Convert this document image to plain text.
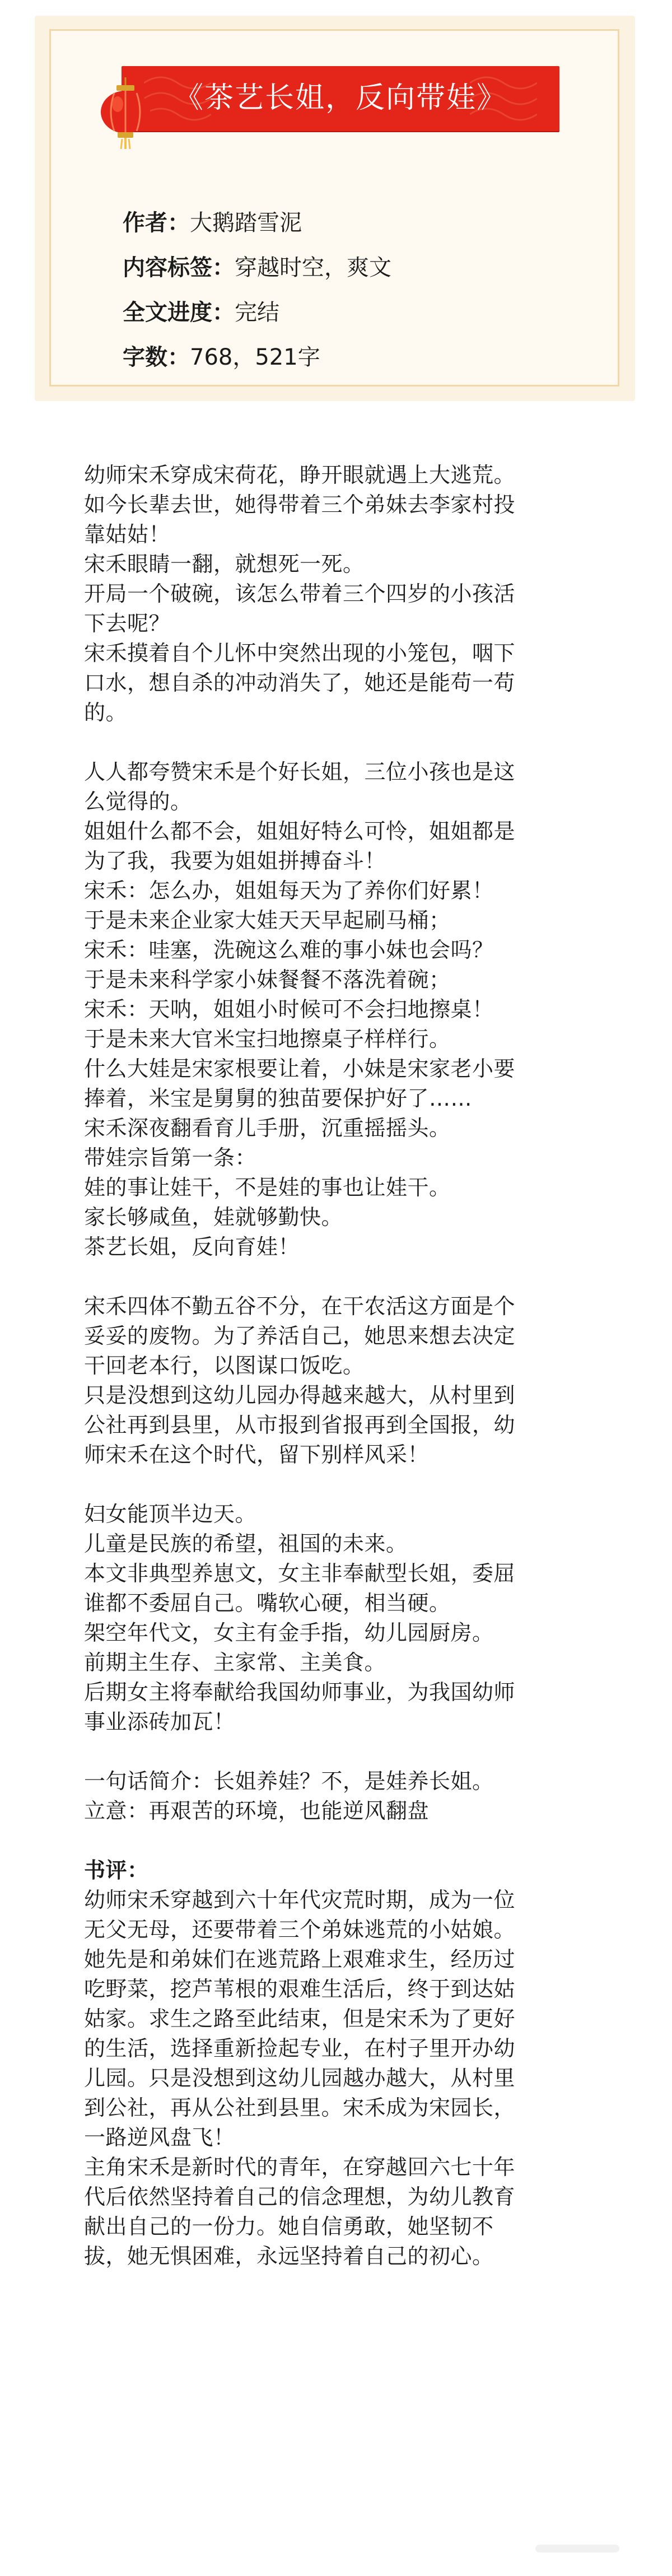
《茶艺长姐，反向带娃》
作者：大鹅踏雪泥
内容标签：穿越时空，爽文
全文进度：完结
字数：768，521字

幼师宋禾穿成宋荷花，睁开眼就遇上大逃荒。

如今长辈去世，她得带着三个弟妹去李家村投

靠姑姑！

宋禾眼睛一翻，就想死一死。

开局一个破碗，该怎么带着三个四岁的小孩活

下去呢？

宋禾摸着自个儿怀中突然出现的小笼包，咽下

口水，想自杀的冲动消失了，她还是能苟一苟

的。

人人都夸赞宋禾是个好长姐，三位小孩也是这

么觉得的。

姐姐什么都不会，姐姐好特么可怜，姐姐都是

为了我，我要为姐姐拼搏奋斗！

宋禾：怎么办，姐姐每天为了养你们好累！

于是未来企业家大娃天天早起刷马桶；

宋禾：哇塞，洗碗这么难的事小妹也会吗？

于是未来科学家小妹餐餐不落洗着碗；

宋禾：天呐，姐姐小时候可不会扫地擦桌！

于是未来大官米宝扫地擦桌子样样行。

什么大娃是宋家根要让着，小妹是宋家老小要

捧着，米宝是舅舅的独苗要保护好了……

宋禾深夜翻看育儿手册，沉重摇摇头。

带娃宗旨第一条：

娃的事让娃干，不是娃的事也让娃干。

家长够咸鱼，娃就够勤快。

茶艺长姐，反向育娃！

宋禾四体不勤五谷不分，在干农活这方面是个

妥妥的废物。为了养活自己，她思来想去决定

干回老本行，以图谋口饭吃。

只是没想到这幼儿园办得越来越大，从村里到

公社再到县里，从市报到省报再到全国报，幼

师宋禾在这个时代，留下别样风采！

妇女能顶半边天。

儿童是民族的希望，祖国的未来。

本文非典型养崽文，女主非奉献型长姐，委屈

谁都不委屈自己。嘴软心硬，相当硬。

架空年代文，女主有金手指，幼儿园厨房。

前期主生存、主家常、主美食。

后期女主将奉献给我国幼师事业，为我国幼师

事业添砖加瓦！

一句话简介：长姐养娃？不，是娃养长姐。

立意：再艰苦的环境，也能逆风翻盘

书评：

幼师宋禾穿越到六十年代灾荒时期，成为一位

无父无母，还要带着三个弟妹逃荒的小姑娘。

她先是和弟妹们在逃荒路上艰难求生，经历过

吃野菜，挖芦苇根的艰难生活后，终于到达姑

姑家。求生之路至此结束，但是宋禾为了更好

的生活，选择重新捡起专业，在村子里开办幼

儿园。只是没想到这幼儿园越办越大，从村里

到公社，再从公社到县里。宋禾成为宋园长，

一路逆风盘飞！

主角宋禾是新时代的青年，在穿越回六七十年

代后依然坚持着自己的信念理想，为幼儿教育

献出自己的一份力。她自信勇敢，她坚韧不

拔，她无惧困难，永远坚持着自己的初心。
